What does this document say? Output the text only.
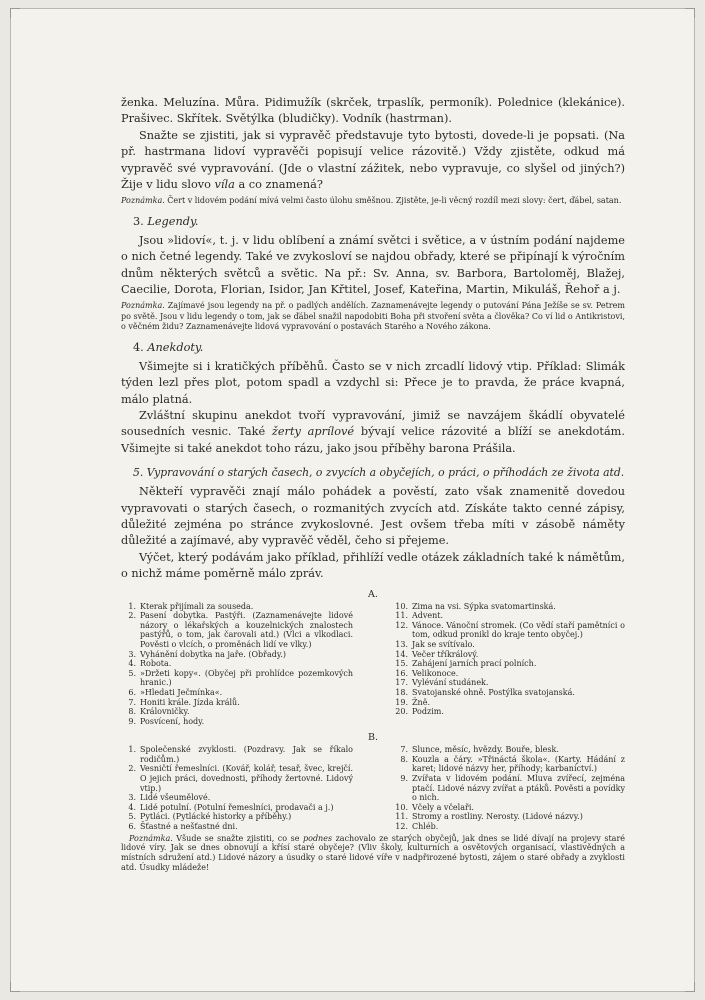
ženka. Meluzína. Můra. Pidimužík (skrček, trpaslík, permoník). Polednice (klekánice). Prašivec. Skřítek. Světýlka (bludičky). Vodník (hastrman).

Snažte se zjistiti, jak si vypravěč představuje tyto bytosti, dovede-li je popsati. (Na př. hastrmana lidoví vypravěči popisují velice rázovitě.) Vždy zjistěte, odkud má vypravěč své vypravování. (Jde o vlastní zážitek, nebo vypravuje, co slyšel od jiných?) Žije v lidu slovo víla a co znamená?

Poznámka. Čert v lidovém podání mívá velmi často úlohu směšnou. Zjistěte, je-li věcný rozdíl mezi slovy: čert, ďábel, satan.
3. Legendy.

Jsou »lidoví«, t. j. v lidu oblíbení a známí světci i světice, a v ústním podání najdeme o nich četné legendy. Také ve zvykosloví se najdou obřady, které se připínají k výročním dnům některých světců a světic. Na př.: Sv. Anna, sv. Barbora, Bartoloměj, Blažej, Caecilie, Dorota, Florian, Isidor, Jan Křtitel, Josef, Kateřina, Martin, Mikuláš, Řehoř a j.

Poznámka. Zajímavé jsou legendy na př. o padlých andělích. Zaznamenávejte legendy o putování Pána Ježíše se sv. Petrem po světě. Jsou v lidu legendy o tom, jak se ďábel snažil napodobiti Boha při stvoření světa a člověka? Co ví lid o Antikristovi, o věčném židu? Zaznamenávejte lidová vypravování o postavách Starého a Nového zákona.
4. Anekdoty.

Všimejte si i kratičkých příběhů. Často se v nich zrcadlí lidový vtip. Příklad: Slimák týden lezl přes plot, potom spadl a vzdychl si: Přece je to pravda, že práce kvapná, málo platná.

Zvláštní skupinu anekdot tvoří vypravování, jimiž se navzájem škádlí obyvatelé sousedních vesnic. Také žerty aprílové bývají velice rázovité a blíží se anekdotám. Všimejte si také anekdot toho rázu, jako jsou příběhy barona Prášila.

5. Vypravování o starých časech, o zvycích a obyčejích, o práci, o příhodách ze života atd.

Někteří vypravěči znají málo pohádek a pověstí, zato však znamenitě dovedou vypravovati o starých časech, o rozmanitých zvycích atd. Získáte takto cenné zápisy, důležité zejména po stránce zvykoslovné. Jest ovšem třeba míti v zásobě náměty důležité a zajímavé, aby vypravěč věděl, čeho si přejeme.

Výčet, který podávám jako příklad, přihlíží vedle otázek základních také k námětům, o nichž máme poměrně málo zpráv.

A.
1. Kterak přijímali za souseda.
2. Pasení dobytka. Pastýři. (Zaznamenávejte lidové názory o lékařských a kouzelnických znalostech pastýřů, o tom, jak čarovali atd.) (Vlci a vlkodlaci. Pověsti o vlcích, o proměnách lidí ve vlky.)
3. Vyhánění dobytka na jaře. (Obřady.)
4. Robota.
5. »Držeti kopy«. (Obyčej při prohlídce pozemkových hranic.)
6. »Hledati Ječmínka«.
7. Honiti krále. Jízda králů.
8. Královničky.
9. Posvícení, hody.
10. Zima na vsi. Sýpka svatomartinská.
11. Advent.
12. Vánoce. Vánoční stromek. (Co vědí staří pamětníci o tom, odkud pronikl do kraje tento obyčej.)
13. Jak se svítívalo.
14. Večer tříkrálový.
15. Zahájení jarních prací polních.
16. Velikonoce.
17. Vylévání studánek.
18. Svatojanské ohně. Postýlka svatojanská.
19. Žně.
20. Podzim.
B.
1. Společenské zvyklosti. (Pozdravy. Jak se říkalo rodičům.)
2. Vesničtí řemeslníci. (Kovář, kolář, tesař, švec, krejčí. O jejich práci, dovednosti, příhody žertovné. Lidový vtip.)
3. Lidé všeumělové.
4. Lidé potulní. (Potulní řemeslníci, prodavači a j.)
5. Pytláci. (Pytlácké historky a příběhy.)
6. Šťastné a nešťastné dni.
7. Slunce, měsíc, hvězdy. Bouře, blesk.
8. Kouzla a čáry. »Třináctá škola«. (Karty. Hádání z karet; lidové názvy her, příhody; karbaníctví.)
9. Zvířata v lidovém podání. Mluva zvířecí, zejména ptačí. Lidové názvy zvířat a ptáků. Pověsti a povídky o nich.
10. Včely a včelaři.
11. Stromy a rostliny. Nerosty. (Lidové názvy.)
12. Chléb.
Poznámka. Všude se snažte zjistiti, co se podnes zachovalo ze starých obyčejů, jak dnes se lidé dívají na projevy staré lidové víry. Jak se dnes obnovují a křísí staré obyčeje? (Vliv školy, kulturních a osvětových organisací, vlastivědných a místních sdružení atd.) Lidové názory a úsudky o staré lidové víře v nadpřirozené bytosti, zájem o staré obřady a zvyklosti atd. Úsudky mládeže!
